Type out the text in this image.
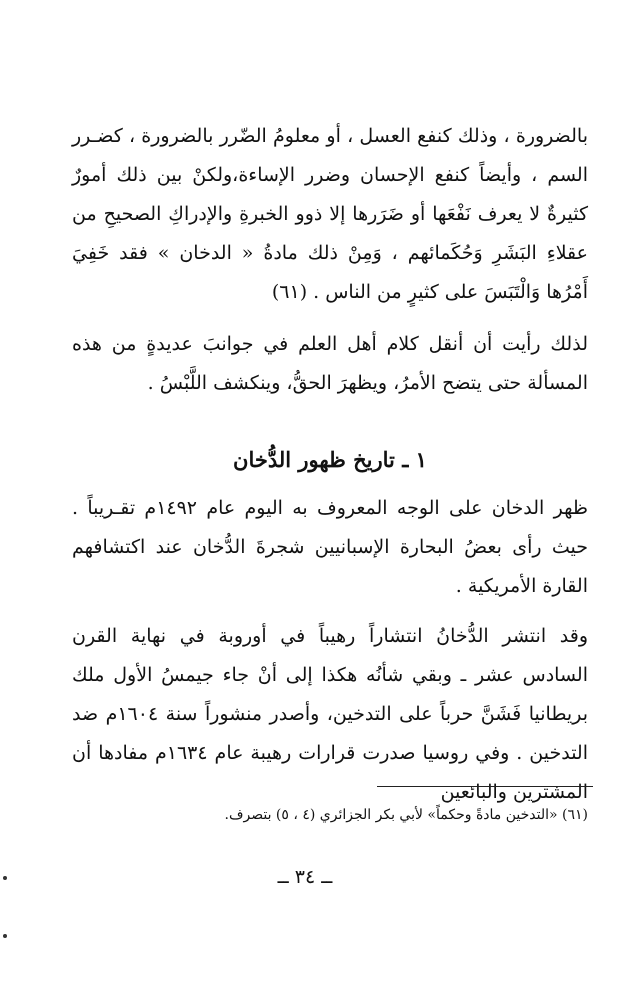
بالضرورة ، وذلك كنفع العسل ، أو معلومُ الضّرر بالضرورة ، كضـرر السم ، وأيضاً كنفع الإحسان وضرر الإساءة،ولكنْ بين ذلك أمورٌ كثيرةٌ لا يعرف نَفْعَها أو ضَرَرها إلا ذوو الخبرةِ والإدراكِ الصحيحِ من عقلاءِ البَشَرِ وَحُكَمائهم ، وَمِنْ ذلك مادةُ « الدخان » فقد خَفِيَ أَمْرُها وَالْتَبَسَ على كثيرٍ من الناس . (٦١)

لذلك رأيت أن أنقل كلام أهل العلم في جوانبَ عديدةٍ من هذه المسألة حتى يتضح الأمرُ، ويظهرَ الحقُّ، وينكشف اللَّبْسُ .

١ ـ تاريخ ظهور الدُّخان

ظهر الدخان على الوجه المعروف به اليوم عام ١٤٩٢م تقـريباً . حيث رأى بعضُ البحارة الإسبانيين شجرةَ الدُّخان عند اكتشافهم القارة الأمريكية .

وقد انتشر الدُّخانُ انتشاراً رهيباً في أوروبة في نهاية القرن السادس عشر ـ وبقي شأنُه هكذا إلى أنْ جاء جيمسُ الأول ملك بريطانيا فَشَنَّ حرباً على التدخين، وأصدر منشوراً سنة ١٦٠٤م ضد التدخين . وفي روسيا صدرت قرارات رهيبة عام ١٦٣٤م مفادها أن المشترين والبائعين

(٦١) «التدخين مادةً وحكماً» لأبي بكر الجزائري (٤ ، ٥) بتصرف.

ــ ٣٤ ــ
